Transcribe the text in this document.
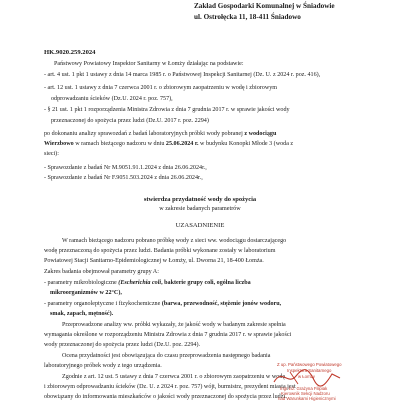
Zakład Gospodarki Komunalnej w Śniadowie
ul. Ostrołęcka 11, 18-411 Śniadowo
HK.9020.259.2024
Państwowy Powiatowy Inspektor Sanitarny w Łomży działając na podstawie:
- art. 4 ust. 1 pkt 1 ustawy z dnia 14 marca 1985 r. o Państwowej Inspekcji Sanitarnej (Dz. U. z 2024 r. poz. 416),
- art. 12 ust. 1 ustawy z dnia 7 czerwca 2001 r. o zbiorowym zaopatrzeniu w wodę i zbiorowym
odprowadzaniu ścieków (Dz.U. 2024 r. poz. 757),
- § 21 ust. 1 pkt 1 rozporządzenia Ministra Zdrowia z dnia 7 grudnia 2017 r. w sprawie jakości wody
przeznaczonej do spożycia przez ludzi (Dz.U. 2017 r. poz. 2294)
po dokonaniu analizy sprawozdań z badań laboratoryjnych próbki wody pobranej z wodociągu
Wierzbowo w ramach bieżącego nadzoru w dniu 25.06.2024 r. w budynku Konopki Młode 3 (woda z
sieci):
- Sprawozdanie z badań Nr M.9051.91.1.2024 z dnia 26.06.2024r.,
- Sprawozdanie z badań Nr F.9051.503.2024 z dnia 26.06.2024r.,
stwierdza przydatność wody do spożycia
w zakresie badanych parametrów
UZASADNIENIE
W ramach bieżącego nadzoru pobrano próbkę wody z sieci ww. wodociągu dostarczającego
wodę przeznaczoną do spożycia przez ludzi. Badania próbki wykonane zostały w laboratorium
Powiatowej Stacji Sanitarno-Epidemiologicznej w Łomży, ul. Dworna 21, 18-400 Łomża.
Zakres badania obejmował parametry grupy A:
- parametry mikrobiologiczne (Escherichia coli, bakterie grupy coli, ogólna liczba
mikroorganizmów w 22°C),
- parametry organoleptyczne i fizykochemiczne (barwa, przewodność, stężenie jonów wodoru,
smak, zapach, mętność).
Przeprowadzone analizy ww. próbki wykazały, że jakość wody w badanym zakresie spełnia
wymagania określone w rozporządzeniu Ministra Zdrowia z dnia 7 grudnia 2017 r. w sprawie jakości
wody przeznaczonej do spożycia przez ludzi (Dz.U. poz. 2294).
Ocena przydatności jest obowiązująca do czasu przeprowadzenia następnego badania
laboratoryjnego próbek wody z tego urządzenia.
Zgodnie z art. 12 ust. 5 ustawy z dnia 7 czerwca 2001 r. o zbiorowym zaopatrzeniu w wodę
i zbiorowym odprowadzaniu ścieków (Dz. U. z 2024 r. poz. 757) wójt, burmistrz, prezydent miasta jest
obowiązany do informowania mieszkańców o jakości wody przeznaczonej do spożycia przez ludzi.
Z up. Państwowego Powiatowego
Inspektora Sanitarnego
w Łomży
mgr inż. Grażyna Filipiak
Kierownik Sekcji Nadzoru
nad Warunkami Higienicznymi
